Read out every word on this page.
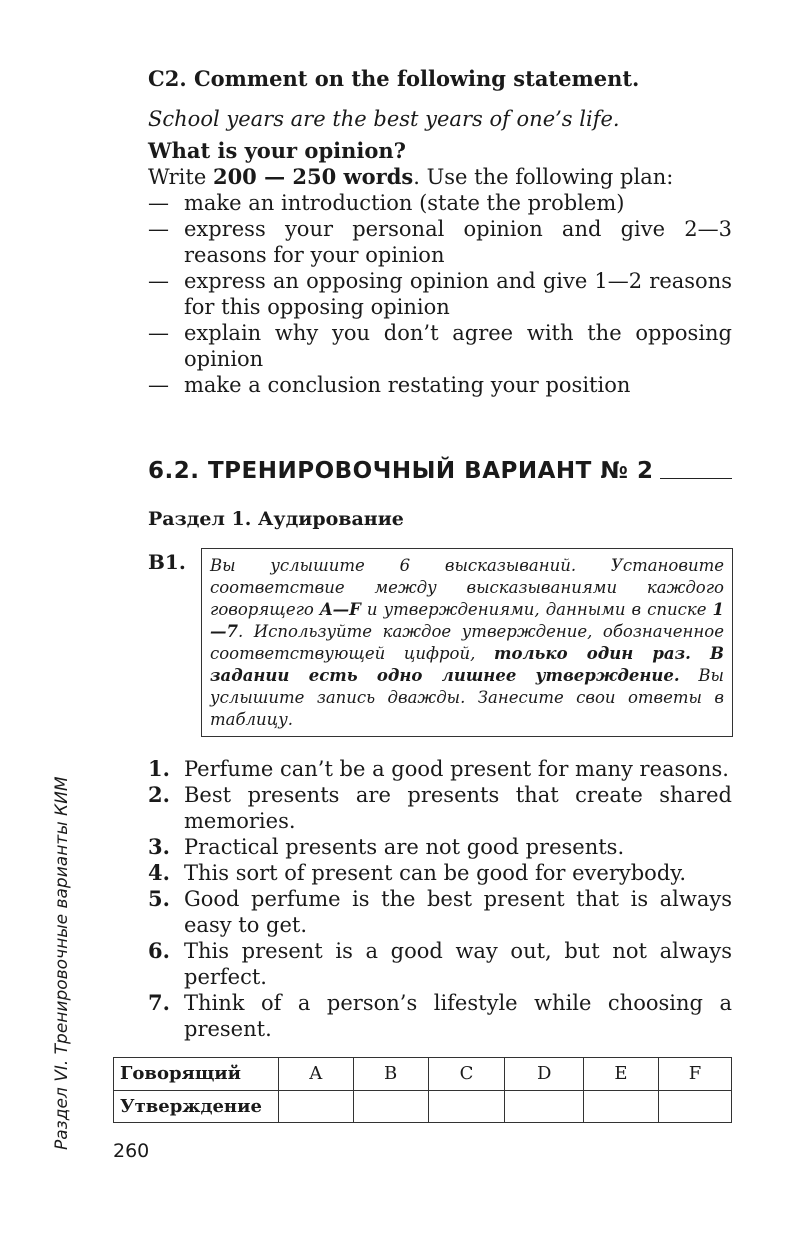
C2. Comment on the following statement.
School years are the best years of one’s life.
What is your opinion?
Write 200 — 250 words. Use the following plan:
— make an introduction (state the problem)
— express your personal opinion and give 2—3 reasons for your opinion
— express an opposing opinion and give 1—2 reasons for this opposing opinion
— explain why you don’t agree with the opposing opinion
— make a conclusion restating your position
6.2. ТРЕНИРОВОЧНЫЙ ВАРИАНТ № 2
Раздел 1. Аудирование
B1.	Вы услышите 6 высказываний. Установите соответствие между высказываниями каждого говорящего A—F и утверждениями, данными в списке 1—7. Используйте каждое утверждение, обозначенное соответствующей цифрой, только один раз. В задании есть одно лишнее утверждение. Вы услышите запись дважды. Занесите свои ответы в таблицу.
1. Perfume can’t be a good present for many reasons.
2. Best presents are presents that create shared memories.
3. Practical presents are not good presents.
4. This sort of present can be good for everybody.
5. Good perfume is the best present that is always easy to get.
6. This present is a good way out, but not always perfect.
7. Think of a person’s lifestyle while choosing a present.
Говорящий	A	B	C	D	E	F
Утверждение						
260
Раздел VI. Тренировочные варианты КИМ
